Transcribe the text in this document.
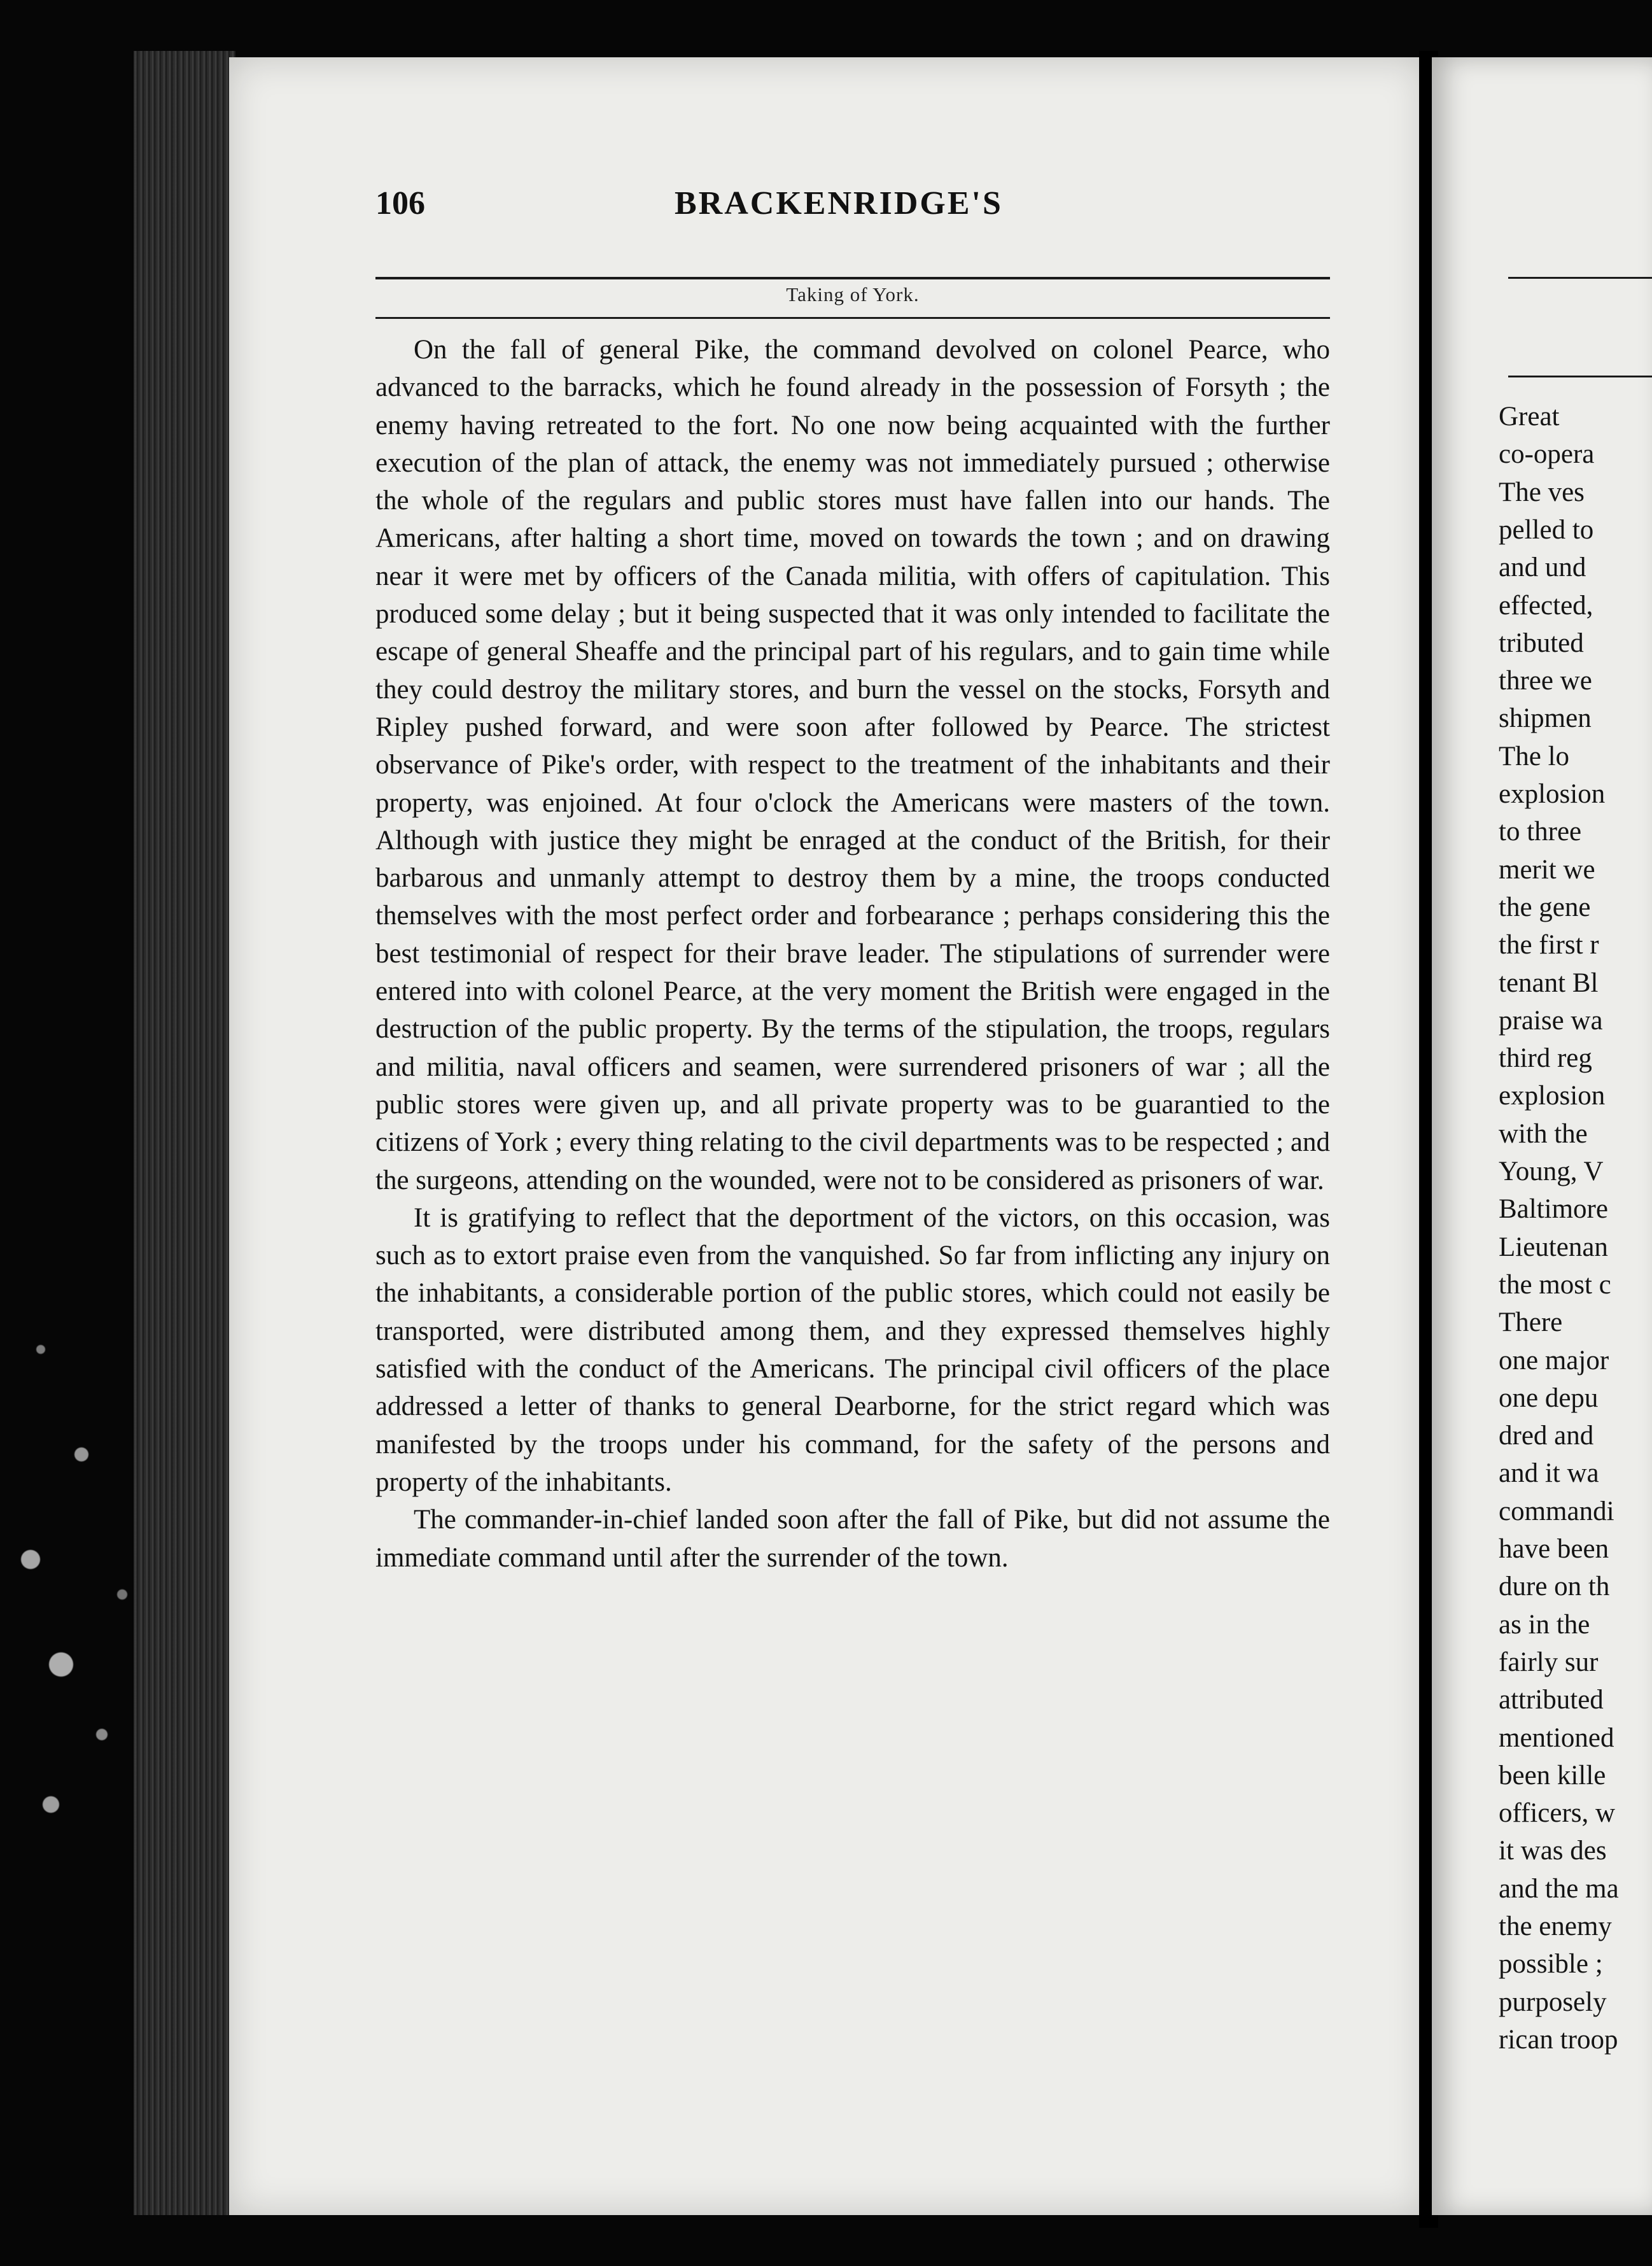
106	BRACKENRIDGE'S
Taking of York.

On the fall of general Pike, the command devolved on colonel Pearce, who advanced to the barracks, which he found already in the possession of Forsyth ; the enemy having retreated to the fort. No one now being acquainted with the further execution of the plan of attack, the enemy was not immediately pursued ; otherwise the whole of the regulars and public stores must have fallen into our hands. The Americans, after halting a short time, moved on towards the town ; and on drawing near it were met by officers of the Canada militia, with offers of capitulation. This produced some delay ; but it being suspected that it was only intended to facilitate the escape of general Sheaffe and the principal part of his regulars, and to gain time while they could destroy the military stores, and burn the vessel on the stocks, Forsyth and Ripley pushed forward, and were soon after followed by Pearce. The strictest observance of Pike's order, with respect to the treatment of the inhabitants and their property, was enjoined. At four o'clock the Americans were masters of the town. Although with justice they might be enraged at the conduct of the British, for their barbarous and unmanly attempt to destroy them by a mine, the troops conducted themselves with the most perfect order and forbearance ; perhaps considering this the best testimonial of respect for their brave leader. The stipulations of surrender were entered into with colonel Pearce, at the very moment the British were engaged in the destruction of the public property. By the terms of the stipulation, the troops, regulars and militia, naval officers and seamen, were surrendered prisoners of war ; all the public stores were given up, and all private property was to be guarantied to the citizens of York ; every thing relating to the civil departments was to be respected ; and the surgeons, attending on the wounded, were not to be considered as prisoners of war.

It is gratifying to reflect that the deportment of the victors, on this occasion, was such as to extort praise even from the vanquished. So far from inflicting any injury on the inhabitants, a considerable portion of the public stores, which could not easily be transported, were distributed among them, and they expressed themselves highly satisfied with the conduct of the Americans. The principal civil officers of the place addressed a letter of thanks to general Dearborne, for the strict regard which was manifested by the troops under his command, for the safety of the persons and property of the inhabitants.

The commander-in-chief landed soon after the fall of Pike, but did not assume the immediate command until after the surrender of the town.

Great
co-opera
The ves
pelled to
and und
effected,
tributed
three we
shipmen
The lo
explosion
to three
merit we
the gene
the first r
tenant Bl
praise wa
third reg
explosion
with the
Young, V
Baltimore
Lieutenan
the most c
There
one major
one depu
dred and
and it wa
commandi
have been
dure on th
as in the
fairly sur
attributed
mentioned
been kille
officers, w
it was des
and the ma
the enemy
possible ;
purposely
rican troop
